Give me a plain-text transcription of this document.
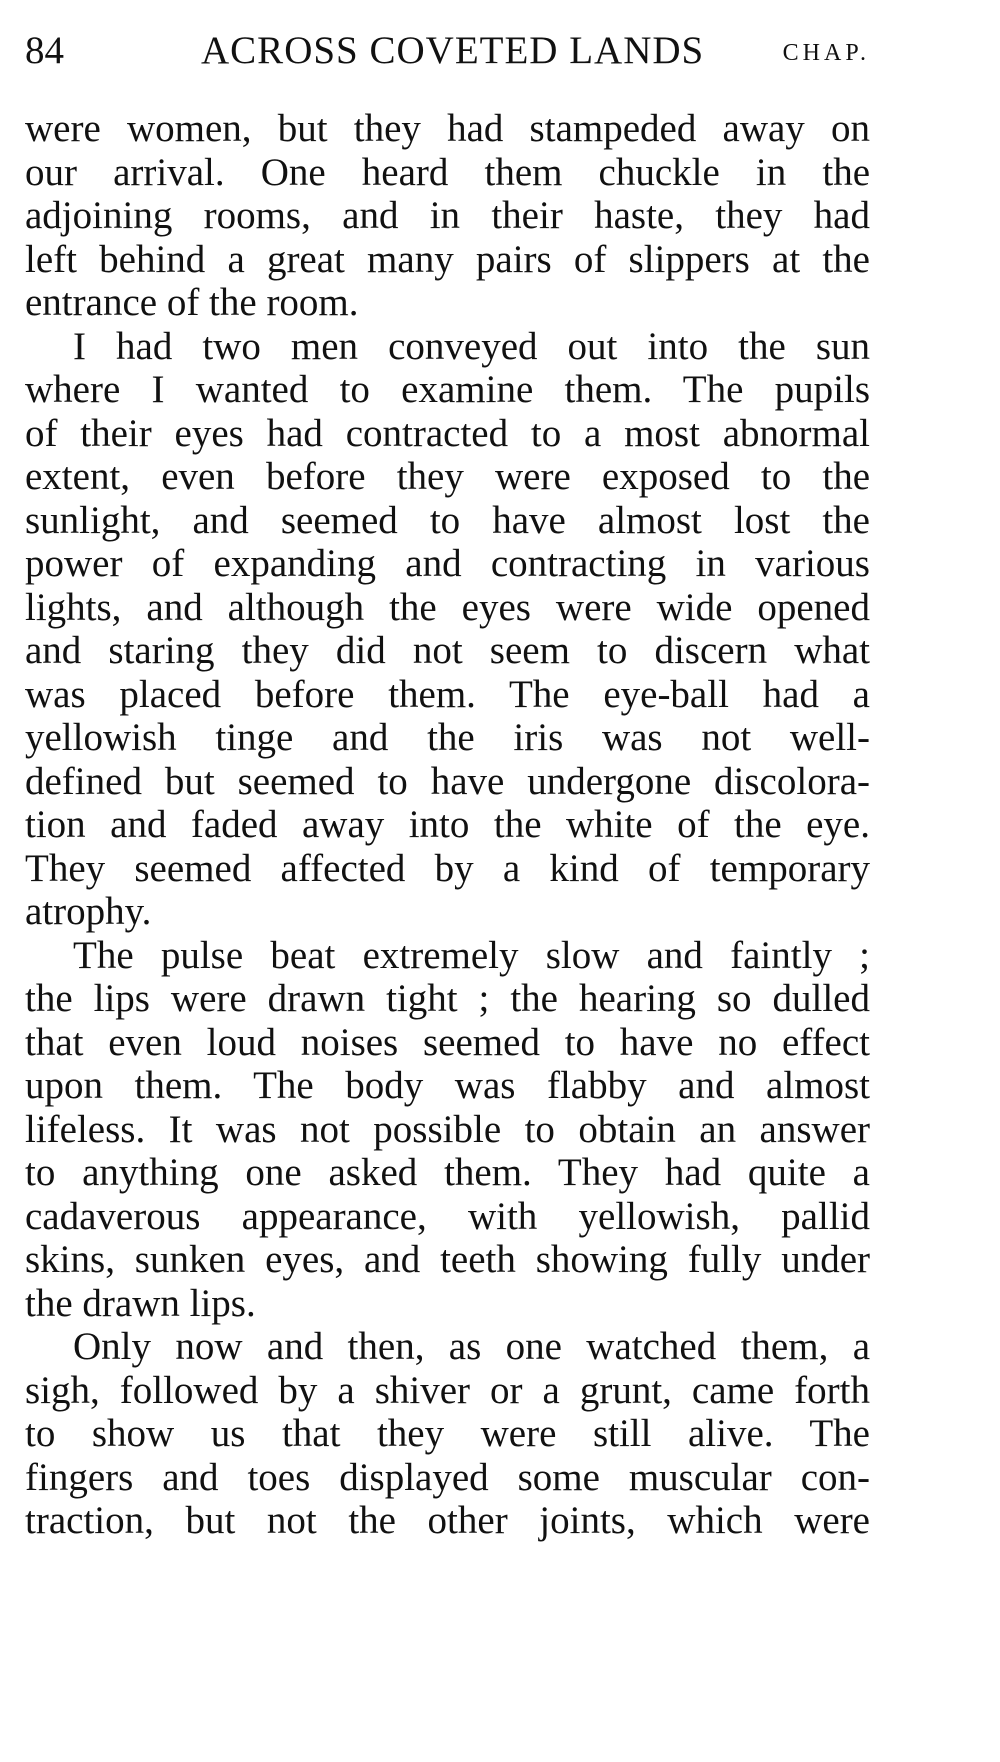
84	ACROSS COVETED LANDS	CHAP.

were women, but they had stampeded away on
our arrival. One heard them chuckle in the
adjoining rooms, and in their haste, they had
left behind a great many pairs of slippers at the
entrance of the room.

I had two men conveyed out into the sun
where I wanted to examine them. The pupils
of their eyes had contracted to a most abnormal
extent, even before they were exposed to the
sunlight, and seemed to have almost lost the
power of expanding and contracting in various
lights, and although the eyes were wide opened
and staring they did not seem to discern what
was placed before them. The eye-ball had a
yellowish tinge and the iris was not well-
defined but seemed to have undergone discolora-
tion and faded away into the white of the eye.
They seemed affected by a kind of temporary
atrophy.

The pulse beat extremely slow and faintly ;
the lips were drawn tight ; the hearing so dulled
that even loud noises seemed to have no effect
upon them. The body was flabby and almost
lifeless. It was not possible to obtain an answer
to anything one asked them. They had quite a
cadaverous appearance, with yellowish, pallid
skins, sunken eyes, and teeth showing fully under
the drawn lips.

Only now and then, as one watched them, a
sigh, followed by a shiver or a grunt, came forth
to show us that they were still alive. The
fingers and toes displayed some muscular con-
traction, but not the other joints, which were
